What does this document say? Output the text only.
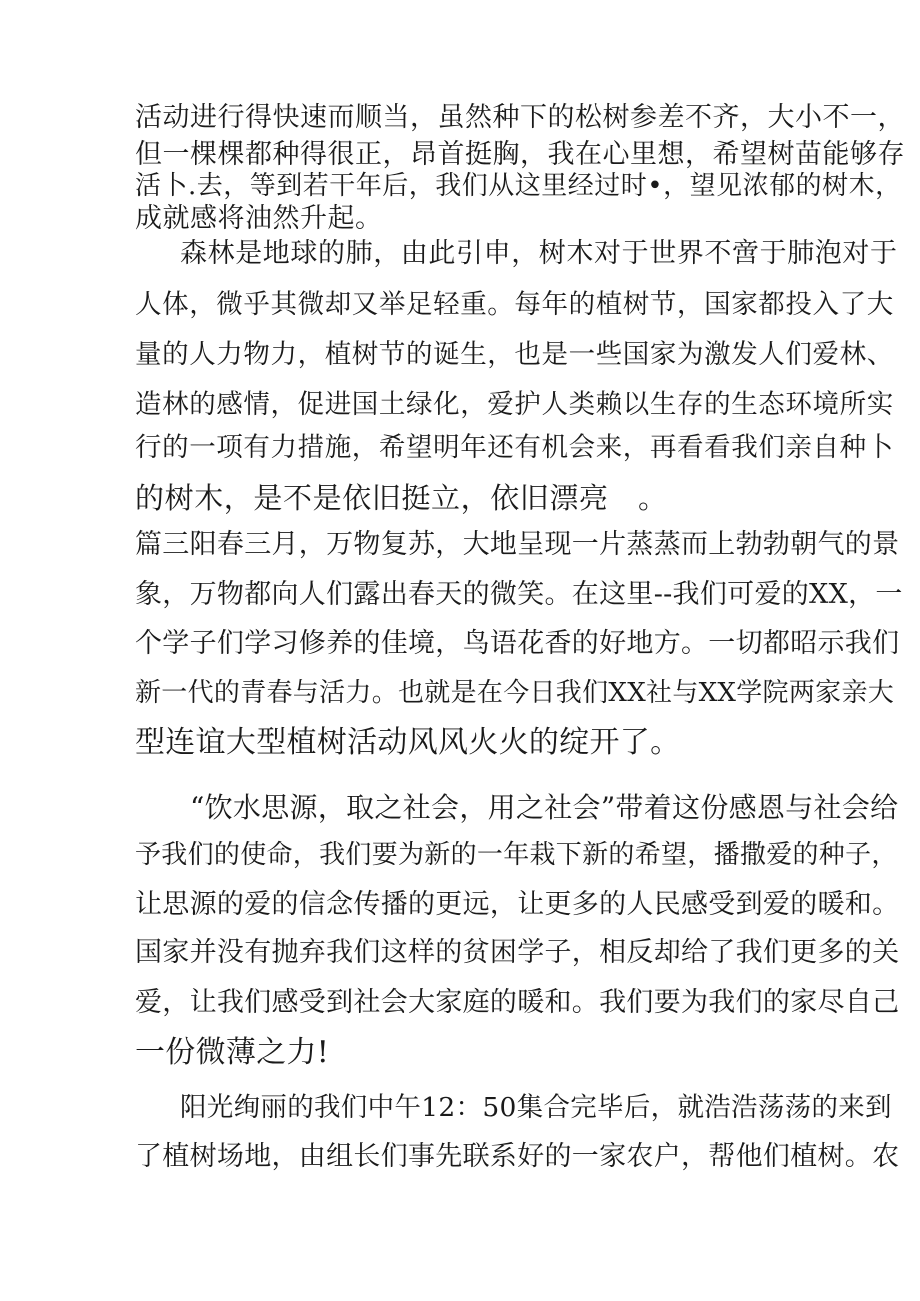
活动进行得快速而顺当，虽然种下的松树参差不齐，大小不一，
但一棵棵都种得很正，昂首挺胸，我在心里想，希望树苗能够存
活卜.去，等到若干年后，我们从这里经过时•，望见浓郁的树木，
成就感将油然升起。
森林是地球的肺，由此引申，树木对于世界不啻于肺泡对于
人体，微乎其微却又举足轻重。每年的植树节，国家都投入了大
量的人力物力，植树节的诞生，也是一些国家为激发人们爱林、
造林的感情，促进国土绿化，爱护人类赖以生存的生态环境所实
行的一项有力措施，希望明年还有机会来，再看看我们亲自种卜
的树木，是不是依旧挺立，依旧漂亮   。
篇三阳春三月，万物复苏，大地呈现一片蒸蒸而上勃勃朝气的景
象，万物都向人们露出春天的微笑。在这里--我们可爱的XX，一
个学子们学习修养的佳境，鸟语花香的好地方。一切都昭示我们
新一代的青春与活力。也就是在今日我们XX社与XX学院两家亲大
型连谊大型植树活动风风火火的绽开了。
“饮水思源，取之社会，用之社会”带着这份感恩与社会给
予我们的使命，我们要为新的一年栽下新的希望，播撒爱的种子，
让思源的爱的信念传播的更远，让更多的人民感受到爱的暖和。
国家并没有抛弃我们这样的贫困学子，相反却给了我们更多的关
爱，让我们感受到社会大家庭的暖和。我们要为我们的家尽自己
一份微薄之力!
阳光绚丽的我们中午12：50集合完毕后，就浩浩荡荡的来到
了植树场地，由组长们事先联系好的一家农户，帮他们植树。农
